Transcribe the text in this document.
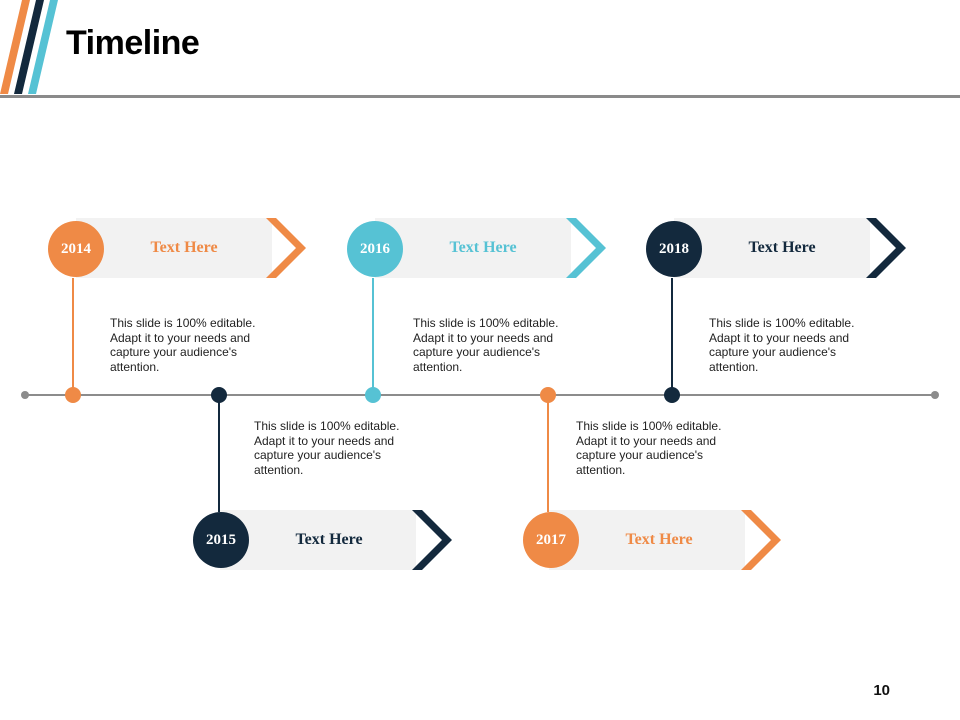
Timeline
2014	Text Here
This slide is 100% editable. Adapt it to your needs and capture your audience's attention.
2016	Text Here
This slide is 100% editable. Adapt it to your needs and capture your audience's attention.
2018	Text Here
This slide is 100% editable. Adapt it to your needs and capture your audience's attention.
2015	Text Here
This slide is 100% editable. Adapt it to your needs and capture your audience's attention.
2017	Text Here
This slide is 100% editable. Adapt it to your needs and capture your audience's attention.
10
